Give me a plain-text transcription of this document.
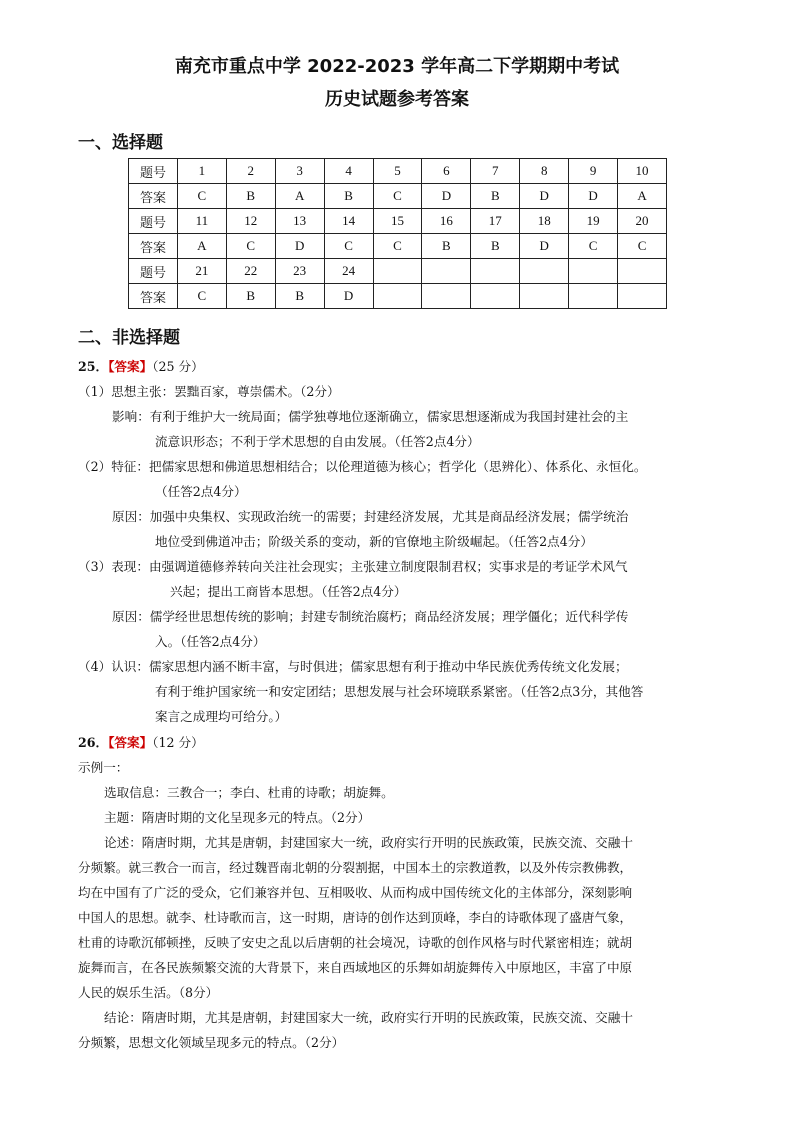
南充市重点中学 2022-2023 学年高二下学期期中考试
历史试题参考答案
一、选择题
题号	1	2	3	4	5	6	7	8	9	10
答案	C	B	A	B	C	D	B	D	D	A
题号	11	12	13	14	15	16	17	18	19	20
答案	A	C	D	C	C	B	B	D	C	C
题号	21	22	23	24						
答案	C	B	B	D						
二、非选择题
25．【答案】（25 分）
（1）思想主张：罢黜百家，尊崇儒术。（2分）
影响：有利于维护大一统局面；儒学独尊地位逐渐确立，儒家思想逐渐成为我国封建社会的主
流意识形态；不利于学术思想的自由发展。（任答2点4分）
（2）特征：把儒家思想和佛道思想相结合；以伦理道德为核心；哲学化（思辨化）、体系化、永恒化。
（任答2点4分）
原因：加强中央集权、实现政治统一的需要；封建经济发展，尤其是商品经济发展；儒学统治
地位受到佛道冲击；阶级关系的变动，新的官僚地主阶级崛起。（任答2点4分）
（3）表现：由强调道德修养转向关注社会现实；主张建立制度限制君权；实事求是的考证学术风气
兴起；提出工商皆本思想。（任答2点4分）
原因：儒学经世思想传统的影响；封建专制统治腐朽；商品经济发展；理学僵化；近代科学传
入。（任答2点4分）
（4）认识：儒家思想内涵不断丰富，与时俱进；儒家思想有利于推动中华民族优秀传统文化发展；
有利于维护国家统一和安定团结；思想发展与社会环境联系紧密。（任答2点3分，其他答
案言之成理均可给分。）
26．【答案】（12 分）
示例一：
选取信息：三教合一；李白、杜甫的诗歌；胡旋舞。
主题：隋唐时期的文化呈现多元的特点。（2分）
论述：隋唐时期，尤其是唐朝，封建国家大一统，政府实行开明的民族政策，民族交流、交融十
分频繁。就三教合一而言，经过魏晋南北朝的分裂割据，中国本土的宗教道教，以及外传宗教佛教，
均在中国有了广泛的受众，它们兼容并包、互相吸收、从而构成中国传统文化的主体部分，深刻影响
中国人的思想。就李、杜诗歌而言，这一时期，唐诗的创作达到顶峰，李白的诗歌体现了盛唐气象，
杜甫的诗歌沉郁顿挫，反映了安史之乱以后唐朝的社会境况，诗歌的创作风格与时代紧密相连；就胡
旋舞而言，在各民族频繁交流的大背景下，来自西域地区的乐舞如胡旋舞传入中原地区，丰富了中原
人民的娱乐生活。（8分）
结论：隋唐时期，尤其是唐朝，封建国家大一统，政府实行开明的民族政策，民族交流、交融十
分频繁，思想文化领域呈现多元的特点。（2分）
